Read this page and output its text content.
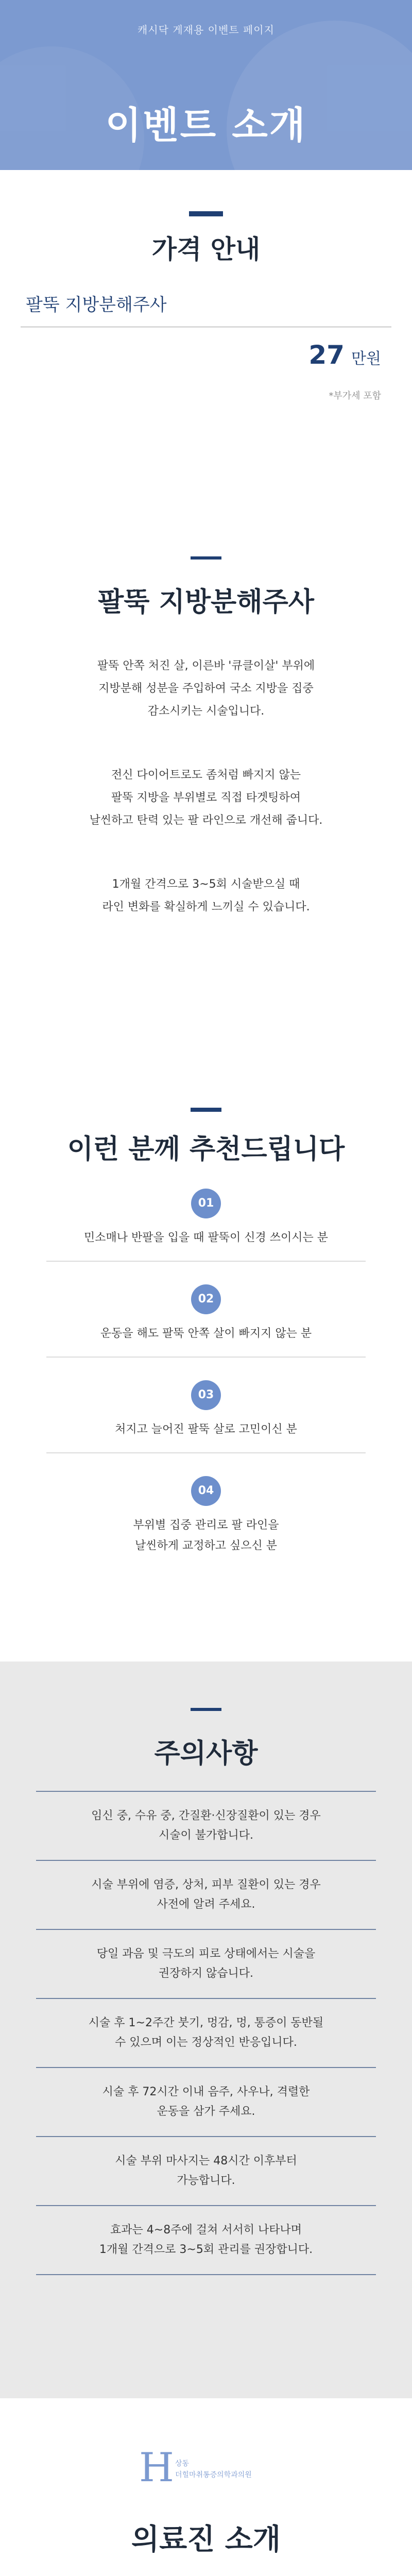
캐시닥 게재용 이벤트 페이지
이벤트 소개
가격 안내
팔뚝 지방분해주사
27 만원
*부가세 포함
팔뚝 지방분해주사
팔뚝 안쪽 처진 살, 이른바 '큐클이살' 부위에
지방분해 성분을 주입하여 국소 지방을 집중
감소시키는 시술입니다.
전신 다이어트로도 좀처럼 빠지지 않는
팔뚝 지방을 부위별로 직접 타겟팅하여
날씬하고 탄력 있는 팔 라인으로 개선해 줍니다.
1개월 간격으로 3~5회 시술받으실 때
라인 변화를 확실하게 느끼실 수 있습니다.
이런 분께 추천드립니다
01
민소매나 반팔을 입을 때 팔뚝이 신경 쓰이시는 분
02
운동을 해도 팔뚝 안쪽 살이 빠지지 않는 분
03
처지고 늘어진 팔뚝 살로 고민이신 분
04
부위별 집중 관리로 팔 라인을
날씬하게 교정하고 싶으신 분
주의사항
임신 중, 수유 중, 간질환·신장질환이 있는 경우
시술이 불가합니다.
시술 부위에 염증, 상처, 피부 질환이 있는 경우
사전에 알려 주세요.
당일 과음 및 극도의 피로 상태에서는 시술을
권장하지 않습니다.
시술 후 1~2주간 붓기, 멍감, 멍, 통증이 동반될
수 있으며 이는 정상적인 반응입니다.
시술 후 72시간 이내 음주, 사우나, 격렬한
운동을 삼가 주세요.
시술 부위 마사지는 48시간 이후부터
가능합니다.
효과는 4~8주에 걸쳐 서서히 나타나며
1개월 간격으로 3~5회 관리를 권장합니다.
H 상동
더힐마취통증의학과의원
의료진 소개
